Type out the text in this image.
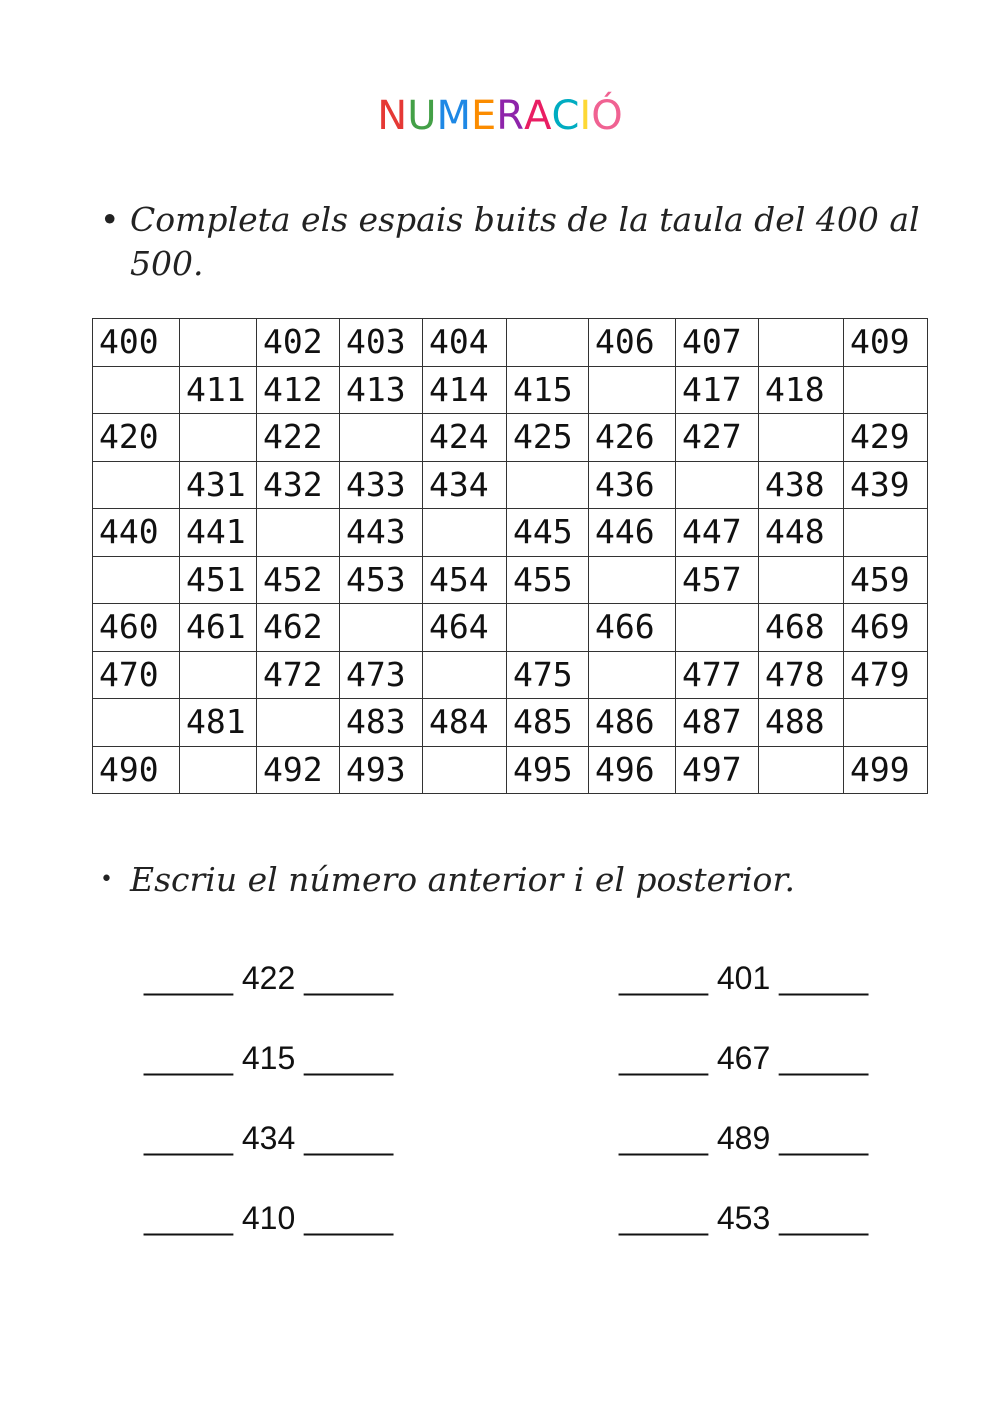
NUMERACIÓ
• Completa els espais buits de la taula del 400 al 500.
400		402	403	404		406	407		409
	411	412	413	414	415		417	418	
420		422		424	425	426	427		429
	431	432	433	434		436		438	439
440	441		443		445	446	447	448	
	451	452	453	454	455		457		459
460	461	462		464		466		468	469
470		472	473		475		477	478	479
	481		483	484	485	486	487	488	
490		492	493		495	496	497		499
• Escriu el número anterior i el posterior.
_____ 422 _____
_____ 415 _____
_____ 434 _____
_____ 410 _____
_____ 401 _____
_____ 467 _____
_____ 489 _____
_____ 453 _____
